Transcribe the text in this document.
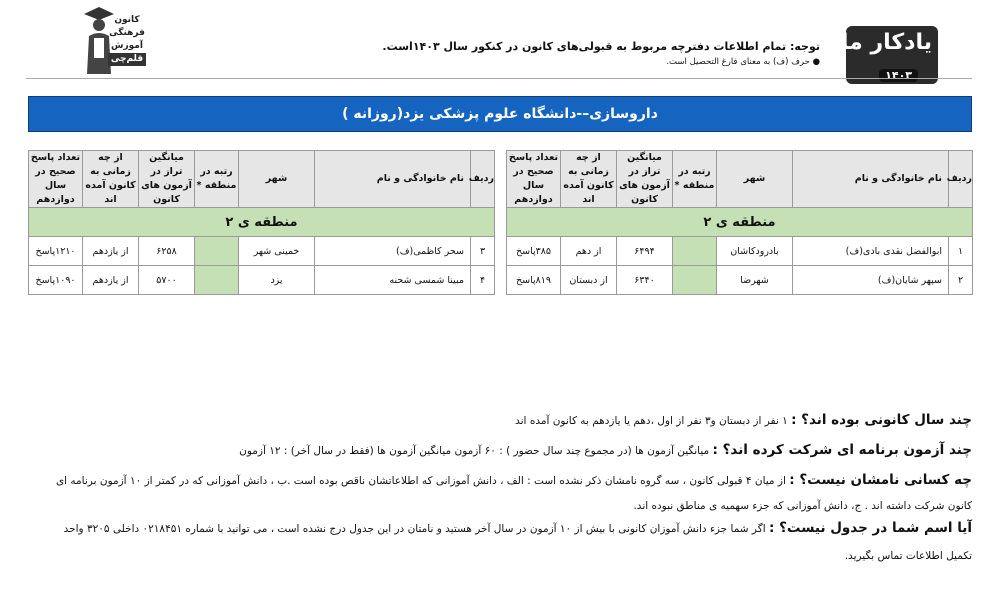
یادکار ماندگار
۱۴۰۳
توجه: تمام اطلاعات دفترچه مربوط به قبولی‌های کانون در کنکور سال ۱۴۰۳است.
● حرف (ف) به معنای فارغ التحصیل است.
کانون
فرهنگی
آموزش
قلم‌چی
داروسازی–-دانشگاه علوم پزشکی یزد(روزانه )
ردیف	نام خانوادگی و نام	شهر	رتبه در منطقه *	میانگین تراز در آزمون های کانون	از چه زمانی به کانون آمده اند	تعداد پاسخ صحیح در سال دوازدهم
منطقه ی ۲						
۱	ابوالفضل نقدی بادی(ف)	بادرودکاشان		۶۴۹۴	از دهم	۳۸۵پاسخ
۲	سپهر شایان(ف)	شهرضا		۶۳۴۰	از دبستان	۸۱۹پاسخ
ردیف	نام خانوادگی و نام	شهر	رتبه در منطقه *	میانگین تراز در آزمون های کانون	از چه زمانی به کانون آمده اند	تعداد پاسخ صحیح در سال دوازدهم
منطقه ی ۲						
۳	سحر کاظمی(ف)	خمینی شهر		۶۲۵۸	از یازدهم	۱۲۱۰پاسخ
۴	مبینا شمسی شحنه	یزد		۵۷۰۰	از یازدهم	۱۰۹۰پاسخ
چند سال کانونی بوده اند؟ : ۱ نفر از دبستان و۳ نفر از اول ،دهم یا یازدهم به کانون آمده اند
چند آزمون برنامه ای شرکت کرده اند؟ : میانگین آزمون ها (در مجموع چند سال حضور ) : ۶۰ آزمون میانگین آزمون ها (فقط در سال آخر) : ۱۲ آزمون
چه کسانی نامشان نیست؟ : از میان ۴ قبولی کانون ، سه گروه نامشان ذکر نشده است : الف ، دانش آموزانی که اطلاعاتشان ناقص بوده است .ب ، دانش آموزانی که در کمتر از ۱۰ آزمون برنامه ای
کانون شرکت داشته اند . ج، دانش آموزانی که جزء سهمیه ی مناطق نبوده اند.
آیا اسم شما در جدول نیست؟ : اگر شما جزء دانش آموزان کانونی با بیش از ۱۰ آزمون در سال آخر هستید و نامتان در این جدول درج نشده است ، می توانید با شماره ۰۲۱۸۴۵۱ داخلی ۳۲۰۵ واحد
تکمیل اطلاعات تماس بگیرید.
